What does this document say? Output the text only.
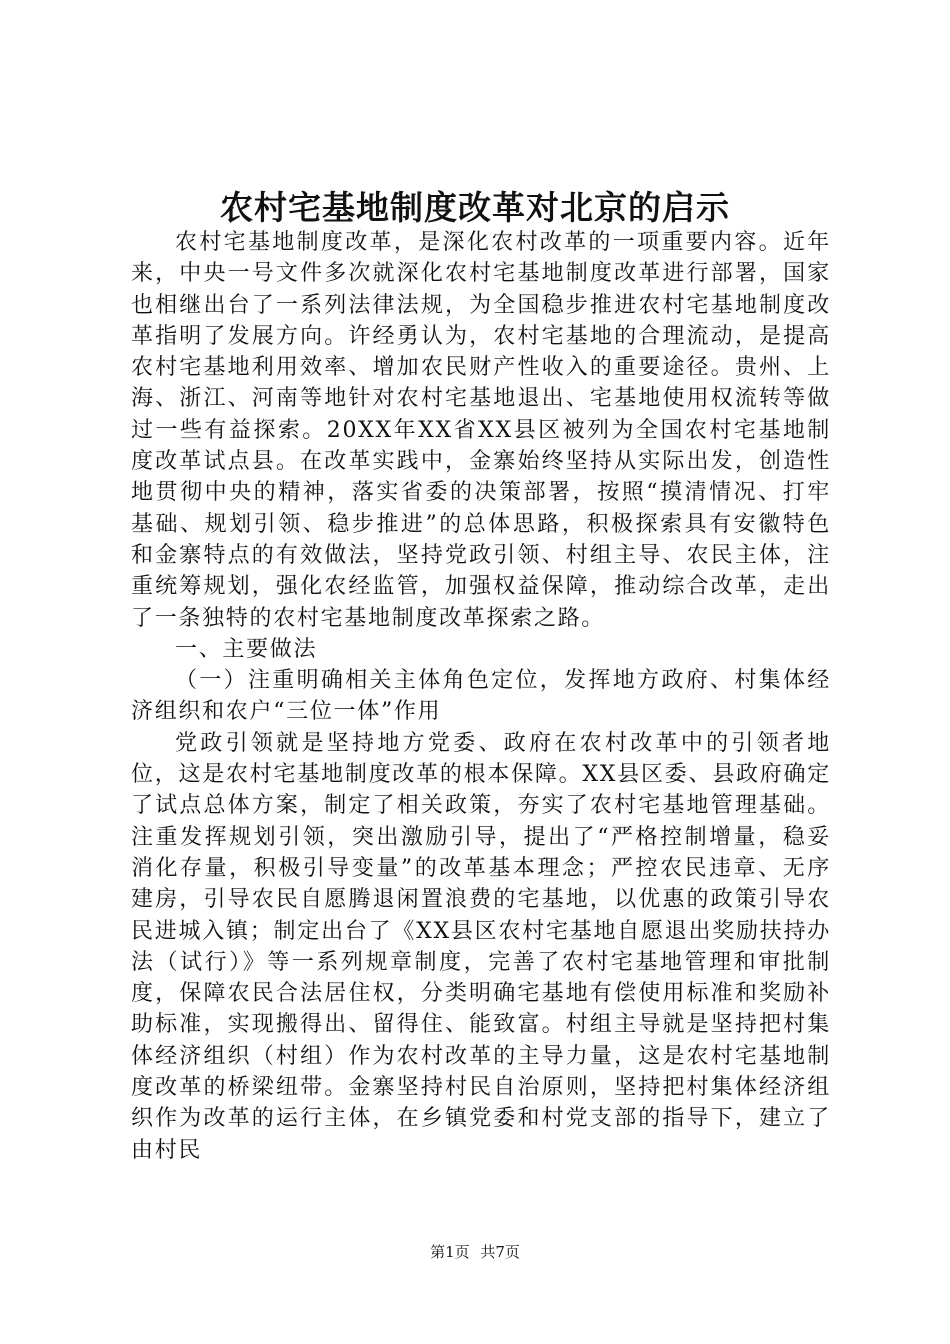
农村宅基地制度改革对北京的启示

农村宅基地制度改革，是深化农村改革的一项重要内容。近年来，中央一号文件多次就深化农村宅基地制度改革进行部署，国家也相继出台了一系列法律法规，为全国稳步推进农村宅基地制度改革指明了发展方向。许经勇认为，农村宅基地的合理流动，是提高农村宅基地利用效率、增加农民财产性收入的重要途径。贵州、上海、浙江、河南等地针对农村宅基地退出、宅基地使用权流转等做过一些有益探索。20XX年XX省XX县区被列为全国农村宅基地制度改革试点县。在改革实践中，金寨始终坚持从实际出发，创造性地贯彻中央的精神，落实省委的决策部署，按照“摸清情况、打牢基础、规划引领、稳步推进”的总体思路，积极探索具有安徽特色和金寨特点的有效做法，坚持党政引领、村组主导、农民主体，注重统筹规划，强化农经监管，加强权益保障，推动综合改革，走出了一条独特的农村宅基地制度改革探索之路。

一、主要做法

（一）注重明确相关主体角色定位，发挥地方政府、村集体经济组织和农户“三位一体”作用

党政引领就是坚持地方党委、政府在农村改革中的引领者地位，这是农村宅基地制度改革的根本保障。XX县区委、县政府确定了试点总体方案，制定了相关政策，夯实了农村宅基地管理基础。注重发挥规划引领，突出激励引导，提出了“严格控制增量，稳妥消化存量，积极引导变量”的改革基本理念；严控农民违章、无序建房，引导农民自愿腾退闲置浪费的宅基地，以优惠的政策引导农民进城入镇；制定出台了《XX县区农村宅基地自愿退出奖励扶持办法（试行）》等一系列规章制度，完善了农村宅基地管理和审批制度，保障农民合法居住权，分类明确宅基地有偿使用标准和奖励补助标准，实现搬得出、留得住、能致富。村组主导就是坚持把村集体经济组织（村组）作为农村改革的主导力量，这是农村宅基地制度改革的桥梁纽带。金寨坚持村民自治原则，坚持把村集体经济组织作为改革的运行主体，在乡镇党委和村党支部的指导下，建立了由村民

第1页 共7页
